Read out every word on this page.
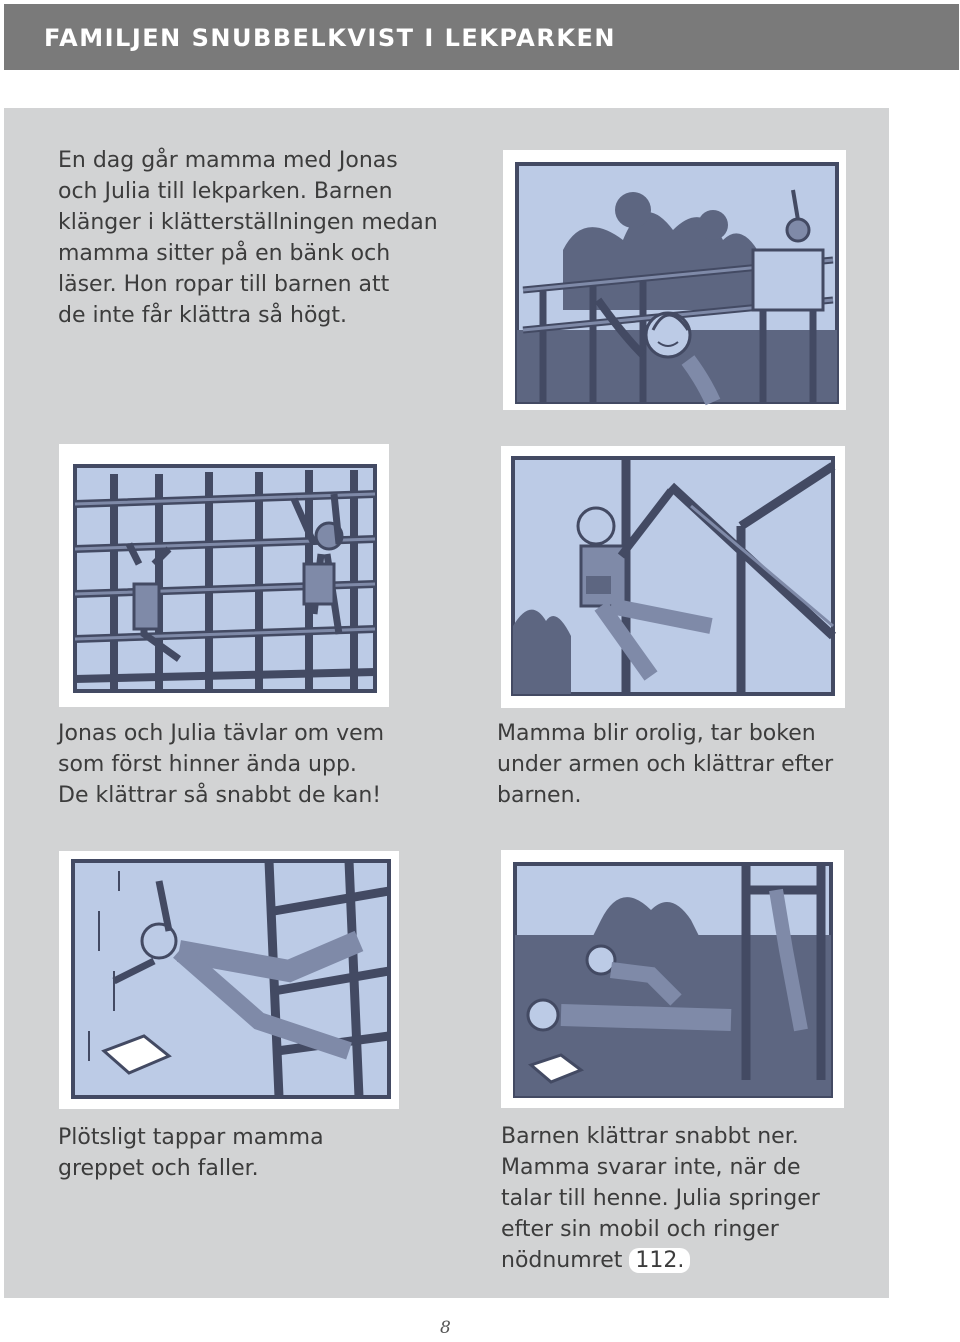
FAMILJEN SNUBBELKVIST I LEKPARKEN
En dag går mamma med Jonas
och Julia till lekparken. Barnen
klänger i klätterställningen medan
mamma sitter på en bänk och
läser. Hon ropar till barnen att
de inte får klättra så högt.
Jonas och Julia tävlar om vem
som först hinner ända upp.
De klättrar så snabbt de kan!
Mamma blir orolig, tar boken
under armen och klättrar efter
barnen.
Plötsligt tappar mamma
greppet och faller.
Barnen klättrar snabbt ner.
Mamma svarar inte, när de
talar till henne. Julia springer
efter sin mobil och ringer
nödnumret 112.

8
